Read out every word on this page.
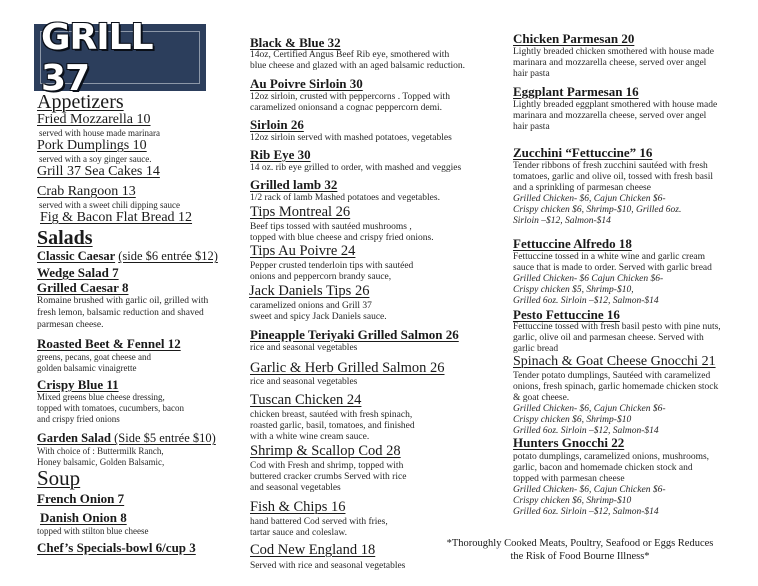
GRILL 37
Appetizers
Fried Mozzarella 10
served with house made marinara
Pork Dumplings 10
served with a soy ginger sauce.
Grill 37 Sea Cakes 14
Crab Rangoon 13
served with a sweet chili dipping sauce
Fig & Bacon Flat Bread 12
Salads
Classic Caesar (side $6 entrée $12)
Wedge Salad 7
Grilled Caesar 8
Romaine brushed with garlic oil, grilled with
fresh lemon, balsamic reduction and shaved
parmesan cheese.
Roasted Beet & Fennel 12
greens, pecans, goat cheese and
golden balsamic vinaigrette
Crispy Blue 11
Mixed greens blue cheese dressing,
topped with tomatoes, cucumbers, bacon
and crispy fried onions
Garden Salad (Side $5 entrée $10)
With choice of : Buttermilk Ranch,
Honey balsamic, Golden Balsamic,
Soup
French Onion 7
Danish Onion 8
topped with stilton blue cheese
Chef’s Specials-bowl 6/cup 3
Black & Blue 32
14oz, Certified Angus Beef Rib eye, smothered with
blue cheese and glazed with an aged balsamic reduction.
Au Poivre Sirloin 30
12oz sirloin, crusted with peppercorns . Topped with
caramelized onionsand a cognac peppercorn demi.
Sirloin 26
12oz sirloin served with mashed potatoes, vegetables
Rib Eye 30
14 oz. rib eye grilled to order, with mashed and veggies
Grilled lamb 32
1/2 rack of lamb Mashed potatoes and vegetables.
Tips Montreal 26
Beef tips tossed with sautéed mushrooms ,
topped with blue cheese and crispy fried onions.
Tips Au Poivre 24
Pepper crusted tenderloin tips with sautéed
onions and peppercorn brandy sauce,
Jack Daniels Tips 26
caramelized onions and Grill 37
sweet and spicy Jack Daniels sauce.
Pineapple Teriyaki Grilled Salmon 26
rice and seasonal vegetables
Garlic & Herb Grilled Salmon 26
rice and seasonal vegetables
Tuscan Chicken 24
chicken breast, sautéed with fresh spinach,
roasted garlic, basil, tomatoes, and finished
with a white wine cream sauce.
Shrimp & Scallop Cod 28
Cod with Fresh and shrimp, topped with
buttered cracker crumbs Served with rice
and seasonal vegetables
Fish & Chips 16
hand battered Cod served with fries,
tartar sauce and coleslaw.
Cod New England 18
Served with rice and seasonal vegetables
Chicken Parmesan 20
Lightly breaded chicken smothered with house made
marinara and mozzarella cheese, served over angel
hair pasta
Eggplant Parmesan 16
Lightly breaded eggplant smothered with house made
marinara and mozzarella cheese, served over angel
hair pasta
Zucchini “Fettuccine” 16
Tender ribbons of fresh zucchini sautéed with fresh
tomatoes, garlic and olive oil, tossed with fresh basil
and a sprinkling of parmesan cheese
Grilled Chicken- $6, Cajun Chicken $6-
Crispy chicken $6, Shrimp-$10, Grilled 6oz.
Sirloin –$12, Salmon-$14
Fettuccine Alfredo 18
Fettuccine tossed in a white wine and garlic cream
sauce that is made to order. Served with garlic bread
Grilled Chicken- $6 Cajun Chicken $6-
Crispy chicken $5, Shrimp-$10,
Grilled 6oz. Sirloin –$12, Salmon-$14
Pesto Fettuccine 16
Fettuccine tossed with fresh basil pesto with pine nuts,
garlic, olive oil and parmesan cheese. Served with
garlic bread
Spinach & Goat Cheese Gnocchi 21
Tender potato dumplings, Sautéed with caramelized
onions, fresh spinach, garlic homemade chicken stock
& goat cheese.
Grilled Chicken- $6, Cajun Chicken $6-
Crispy chicken $6, Shrimp-$10
Grilled 6oz. Sirloin –$12, Salmon-$14
Hunters Gnocchi 22
potato dumplings, caramelized onions, mushrooms,
garlic, bacon and homemade chicken stock and
topped with parmesan cheese
Grilled Chicken- $6, Cajun Chicken $6-
Crispy chicken $6, Shrimp-$10
Grilled 6oz. Sirloin –$12, Salmon-$14
*Thoroughly Cooked Meats, Poultry, Seafood or Eggs Reduces
the Risk of Food Bourne Illness*
